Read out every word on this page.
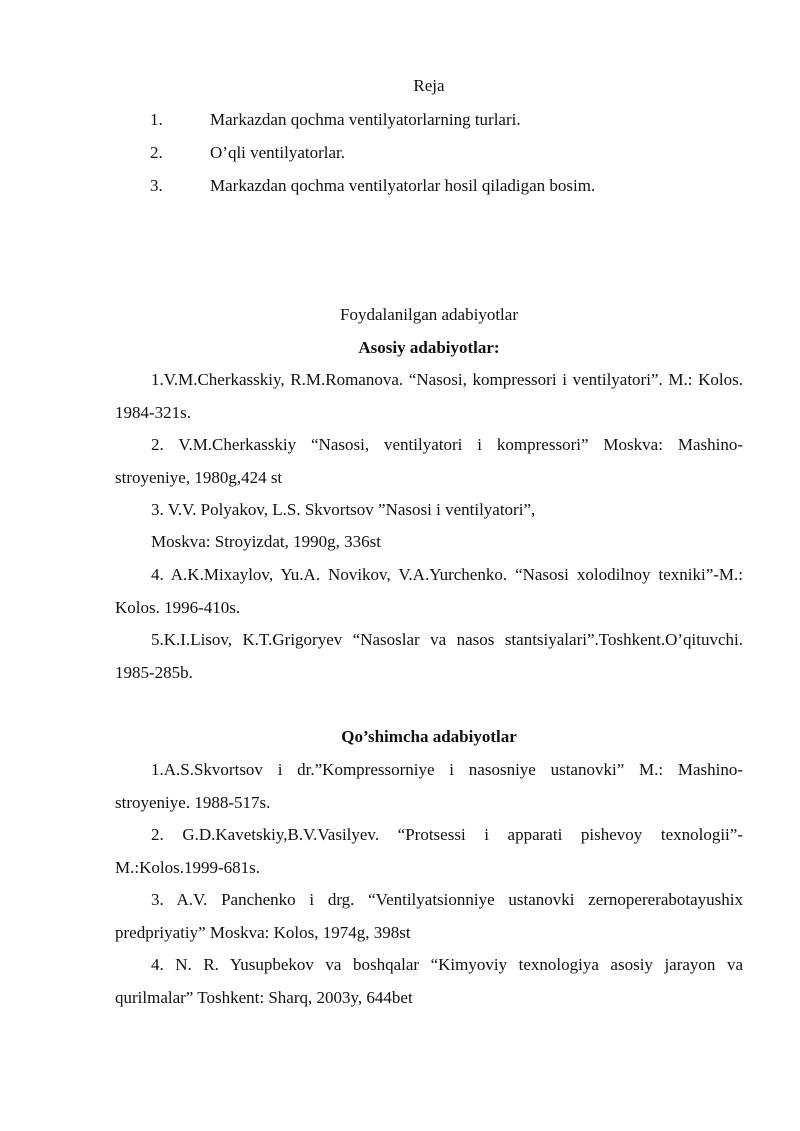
Reja
1.	Markazdan qochma ventilyatorlarning turlari.
2.	O’qli ventilyatorlar.
3.	Markazdan qochma ventilyatorlar hosil qiladigan bosim.
Foydalanilgan adabiyotlar
Asosiy adabiyotlar:
1.V.M.Cherkasskiy, R.M.Romanova. “Nasosi, kompressori i ventilyatori”. M.: Kolos. 1984-321s.
2. V.M.Cherkasskiy “Nasosi, ventilyatori i kompressori” Moskva: Mashino-stroyeniye, 1980g,424 st
3. V.V. Polyakov, L.S. Skvortsov ”Nasosi i ventilyatori”,
Moskva: Stroyizdat, 1990g, 336st
4. A.K.Mixaylov, Yu.A. Novikov, V.A.Yurchenko. “Nasosi xolodilnoy texniki”-M.: Kolos. 1996-410s.
5.K.I.Lisov, K.T.Grigoryev “Nasoslar va nasos stantsiyalari”.Toshkent.O’qituvchi. 1985-285b.
Qo’shimcha adabiyotlar
1.A.S.Skvortsov i dr.”Kompressorniye i nasosniye ustanovki” M.: Mashino-stroyeniye. 1988-517s.
2. G.D.Kavetskiy,B.V.Vasilyev. “Protsessi i apparati pishevoy texnologii”-M.:Kolos.1999-681s.
3. A.V. Panchenko i drg. “Ventilyatsionniye ustanovki zernopererabotayushix predpriyatiy” Moskva: Kolos, 1974g, 398st
4. N. R. Yusupbekov va boshqalar “Kimyoviy texnologiya asosiy jarayon va qurilmalar” Toshkent: Sharq, 2003y, 644bet
